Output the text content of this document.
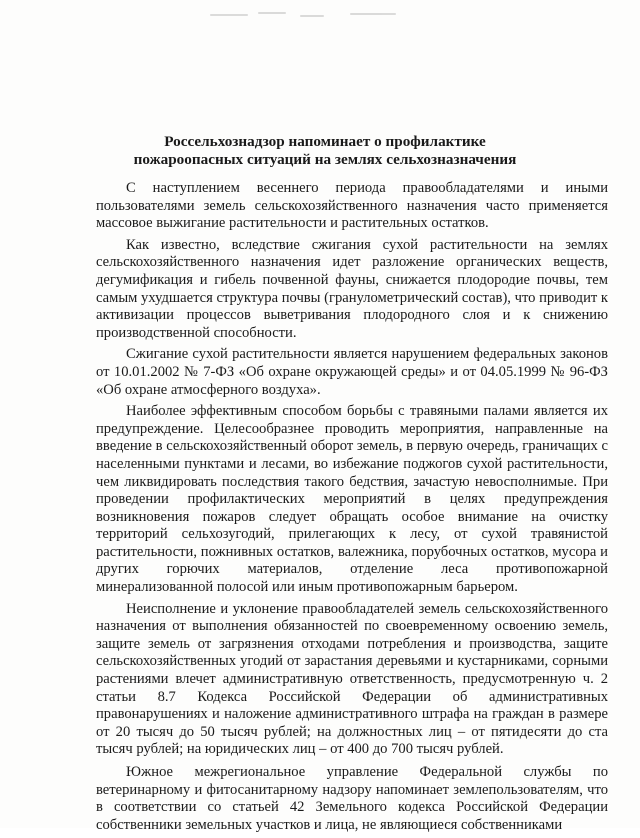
Россельхознадзор напоминает о профилактике пожароопасных ситуаций на землях сельхозназначения

С наступлением весеннего периода правообладателями и иными пользователями земель сельскохозяйственного назначения часто применяется массовое выжигание растительности и растительных остатков.

Как известно, вследствие сжигания сухой растительности на землях сельскохозяйственного назначения идет разложение органических веществ, дегумификация и гибель почвенной фауны, снижается плодородие почвы, тем самым ухудшается структура почвы (гранулометрический состав), что приводит к активизации процессов выветривания плодородного слоя и к снижению производственной способности.

Сжигание сухой растительности является нарушением федеральных законов от 10.01.2002 № 7-ФЗ «Об охране окружающей среды» и от 04.05.1999 № 96-ФЗ «Об охране атмосферного воздуха».

Наиболее эффективным способом борьбы с травяными палами является их предупреждение. Целесообразнее проводить мероприятия, направленные на введение в сельскохозяйственный оборот земель, в первую очередь, граничащих с населенными пунктами и лесами, во избежание поджогов сухой растительности, чем ликвидировать последствия такого бедствия, зачастую невосполнимые. При проведении профилактических мероприятий в целях предупреждения возникновения пожаров следует обращать особое внимание на очистку территорий сельхозугодий, прилегающих к лесу, от сухой травянистой растительности, пожнивных остатков, валежника, порубочных остатков, мусора и других горючих материалов, отделение леса противопожарной минерализованной полосой или иным противопожарным барьером.

Неисполнение и уклонение правообладателей земель сельскохозяйственного назначения от выполнения обязанностей по своевременному освоению земель, защите земель от загрязнения отходами потребления и производства, защите сельскохозяйственных угодий от зарастания деревьями и кустарниками, сорными растениями влечет административную ответственность, предусмотренную ч. 2 статьи 8.7 Кодекса Российской Федерации об административных правонарушениях и наложение административного штрафа на граждан в размере от 20 тысяч до 50 тысяч рублей; на должностных лиц – от пятидесяти до ста тысяч рублей; на юридических лиц – от 400 до 700 тысяч рублей.

Южное межрегиональное управление Федеральной службы по ветеринарному и фитосанитарному надзору напоминает землепользователям, что в соответствии со статьей 42 Земельного кодекса Российской Федерации собственники земельных участков и лица, не являющиеся собственниками
